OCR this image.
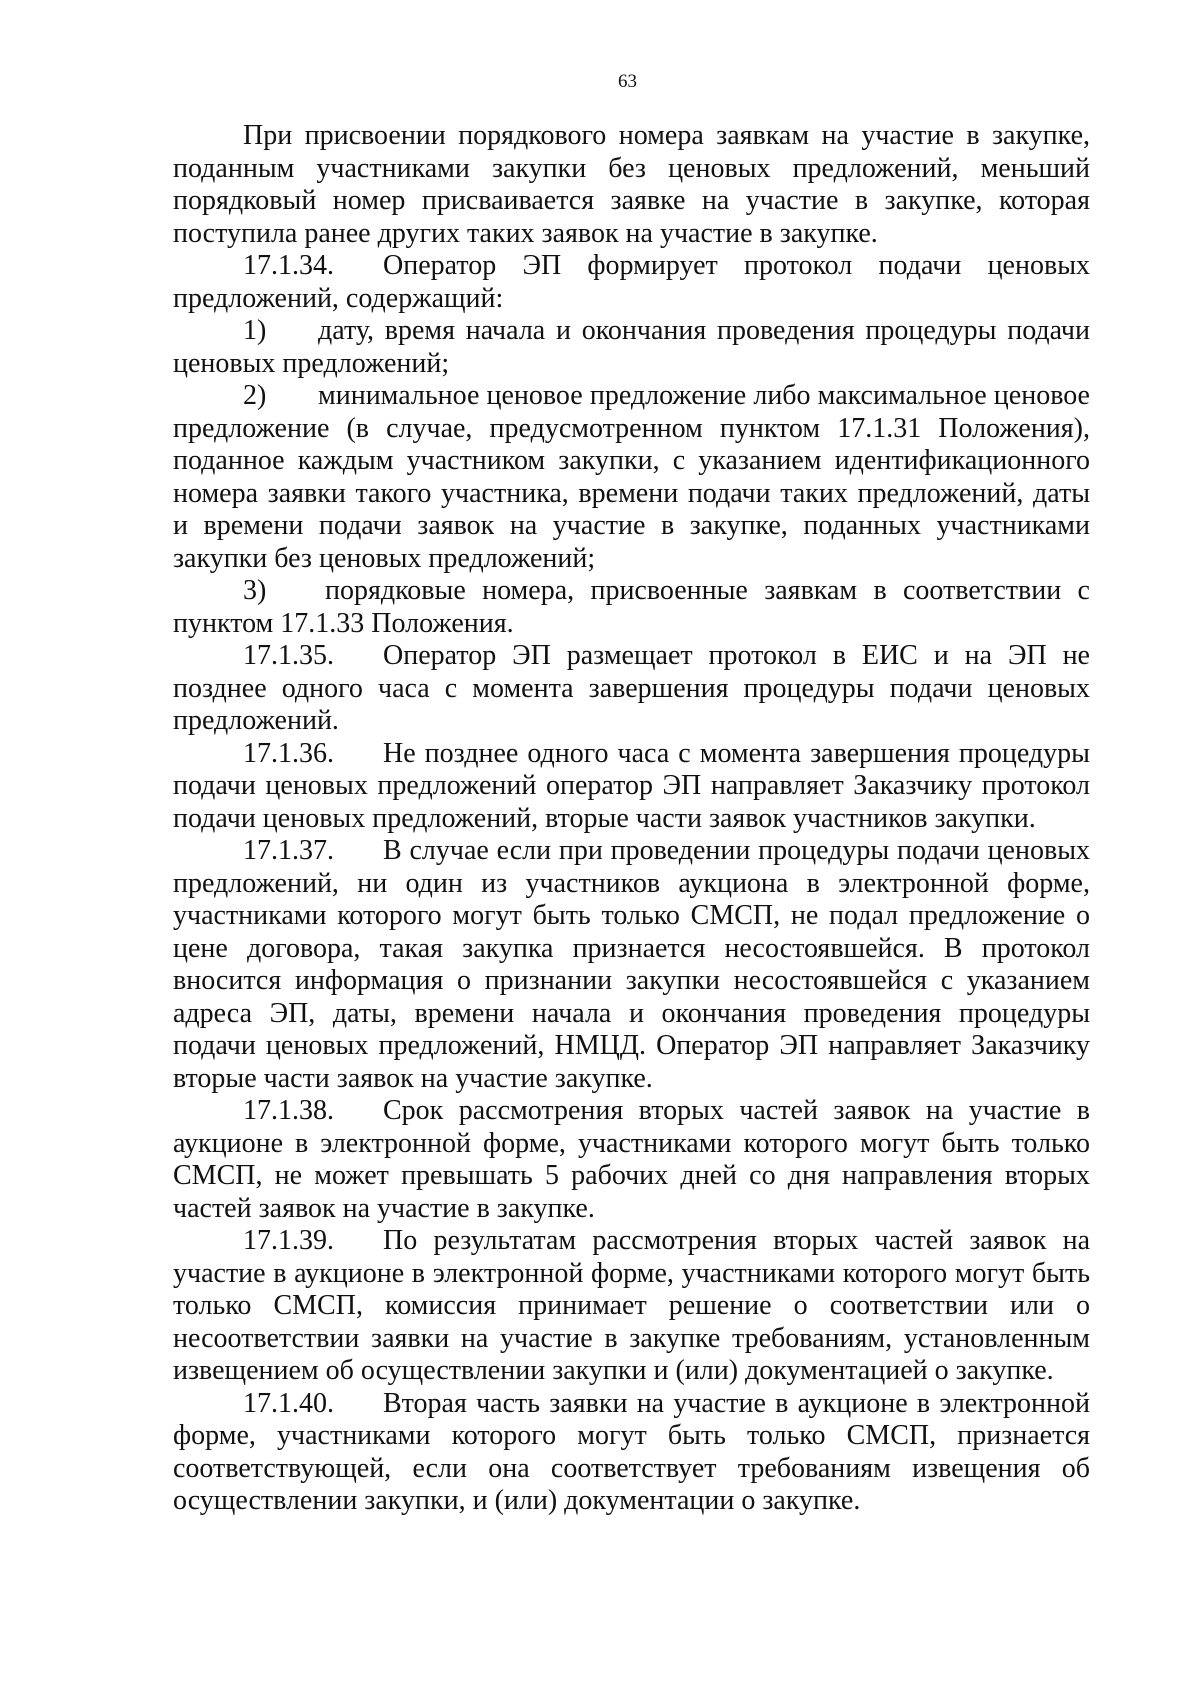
63

При присвоении порядкового номера заявкам на участие в закупке, поданным участниками закупки без ценовых предложений, меньший порядковый номер присваивается заявке на участие в закупке, которая поступила ранее других таких заявок на участие в закупке.

17.1.34. Оператор ЭП формирует протокол подачи ценовых предложений, содержащий:

1) дату, время начала и окончания проведения процедуры подачи ценовых предложений;

2) минимальное ценовое предложение либо максимальное ценовое предложение (в случае, предусмотренном пунктом 17.1.31 Положения), поданное каждым участником закупки, с указанием идентификационного номера заявки такого участника, времени подачи таких предложений, даты и времени подачи заявок на участие в закупке, поданных участниками закупки без ценовых предложений;

3) порядковые номера, присвоенные заявкам в соответствии с пунктом 17.1.33 Положения.

17.1.35. Оператор ЭП размещает протокол в ЕИС и на ЭП не позднее одного часа с момента завершения процедуры подачи ценовых предложений.

17.1.36. Не позднее одного часа с момента завершения процедуры подачи ценовых предложений оператор ЭП направляет Заказчику протокол подачи ценовых предложений, вторые части заявок участников закупки.

17.1.37. В случае если при проведении процедуры подачи ценовых предложений, ни один из участников аукциона в электронной форме, участниками которого могут быть только СМСП, не подал предложение о цене договора, такая закупка признается несостоявшейся. В протокол вносится информация о признании закупки несостоявшейся с указанием адреса ЭП, даты, времени начала и окончания проведения процедуры подачи ценовых предложений, НМЦД. Оператор ЭП направляет Заказчику вторые части заявок на участие закупке.

17.1.38. Срок рассмотрения вторых частей заявок на участие в аукционе в электронной форме, участниками которого могут быть только СМСП, не может превышать 5 рабочих дней со дня направления вторых частей заявок на участие в закупке.

17.1.39. По результатам рассмотрения вторых частей заявок на участие в аукционе в электронной форме, участниками которого могут быть только СМСП, комиссия принимает решение о соответствии или о несоответствии заявки на участие в закупке требованиям, установленным извещением об осуществлении закупки и (или) документацией о закупке.

17.1.40. Вторая часть заявки на участие в аукционе в электронной форме, участниками которого могут быть только СМСП, признается соответствующей, если она соответствует требованиям извещения об осуществлении закупки, и (или) документации о закупке.
